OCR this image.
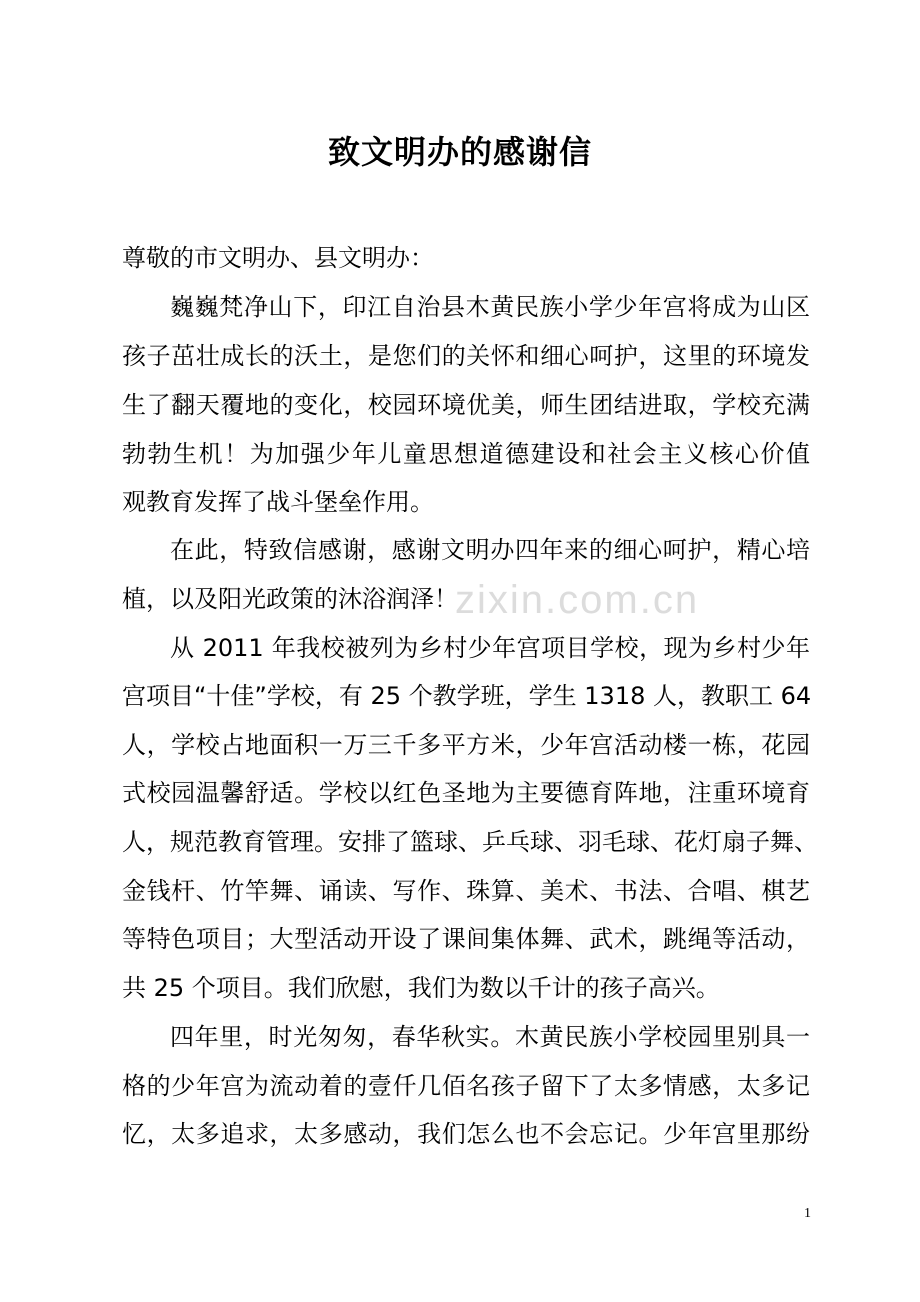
致文明办的感谢信
zixin.com.cn
尊敬的市文明办、县文明办：
巍巍梵净山下，印江自治县木黄民族小学少年宫将成为山区
孩子茁壮成长的沃土，是您们的关怀和细心呵护，这里的环境发
生了翻天覆地的变化，校园环境优美，师生团结进取，学校充满
勃勃生机！为加强少年儿童思想道德建设和社会主义核心价值
观教育发挥了战斗堡垒作用。
在此，特致信感谢，感谢文明办四年来的细心呵护，精心培
植，以及阳光政策的沐浴润泽！
从 2011 年我校被列为乡村少年宫项目学校，现为乡村少年
宫项目“十佳”学校，有 25 个教学班，学生 1318 人，教职工 64
人，学校占地面积一万三千多平方米，少年宫活动楼一栋，花园
式校园温馨舒适。学校以红色圣地为主要德育阵地，注重环境育
人，规范教育管理。安排了篮球、乒乓球、羽毛球、花灯扇子舞、
金钱杆、竹竿舞、诵读、写作、珠算、美术、书法、合唱、棋艺
等特色项目；大型活动开设了课间集体舞、武术，跳绳等活动，
共 25 个项目。我们欣慰，我们为数以千计的孩子高兴。
四年里，时光匆匆，春华秋实。木黄民族小学校园里别具一
格的少年宫为流动着的壹仟几佰名孩子留下了太多情感，太多记
忆，太多追求，太多感动，我们怎么也不会忘记。少年宫里那纷
1
